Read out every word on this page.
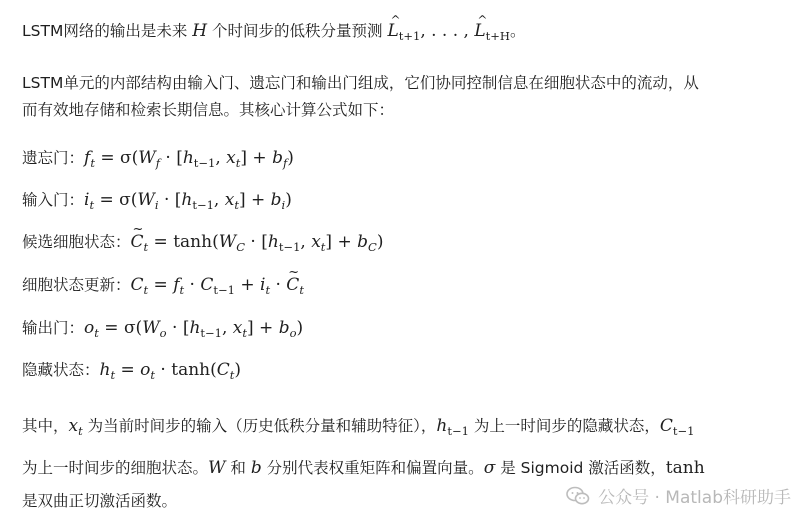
LSTM网络的输出是未来 H 个时间步的低秩分量预测 ^ $L_{t+1}$, . . . , ^ $L_{t+H}$。
LSTM单元的内部结构由输入门、遗忘门和输出门组成，它们协同控制信息在细胞状态中的流动，从
而有效地存储和检索长期信息。其核心计算公式如下：
遗忘门：$f_t = \sigma(W_f \cdot [h_{t-1}$, $x_t] + b_f$)
输入门：$i_t = \sigma(W_i \cdot [h_{t-1}$, $x_t] + b_i$)
候选细胞状态：~ $C_t = \tanh(W_C \cdot [h_{t-1}$, $x_t] + b_C$)
细胞状态更新：$C_t = f_t \cdot C_{t-1} + i_t$ · ~ $C_t$
输出门：$o_t = \sigma(W_o \cdot [h_{t-1}$, $x_t] + b_o$)
隐藏状态：$h_t = o_t \cdot \tanh(C_t)$
其中，$x_t$ 为当前时间步的输入（历史低秩分量和辅助特征），$h_{t-1}$ 为上一时间步的隐藏状态，$C_{t-1}$
为上一时间步的细胞状态。W 和 b 分别代表权重矩阵和偏置向量。σ 是 Sigmoid 激活函数，tanh
是双曲正切激活函数。	公众号 · Matlab科研助手
